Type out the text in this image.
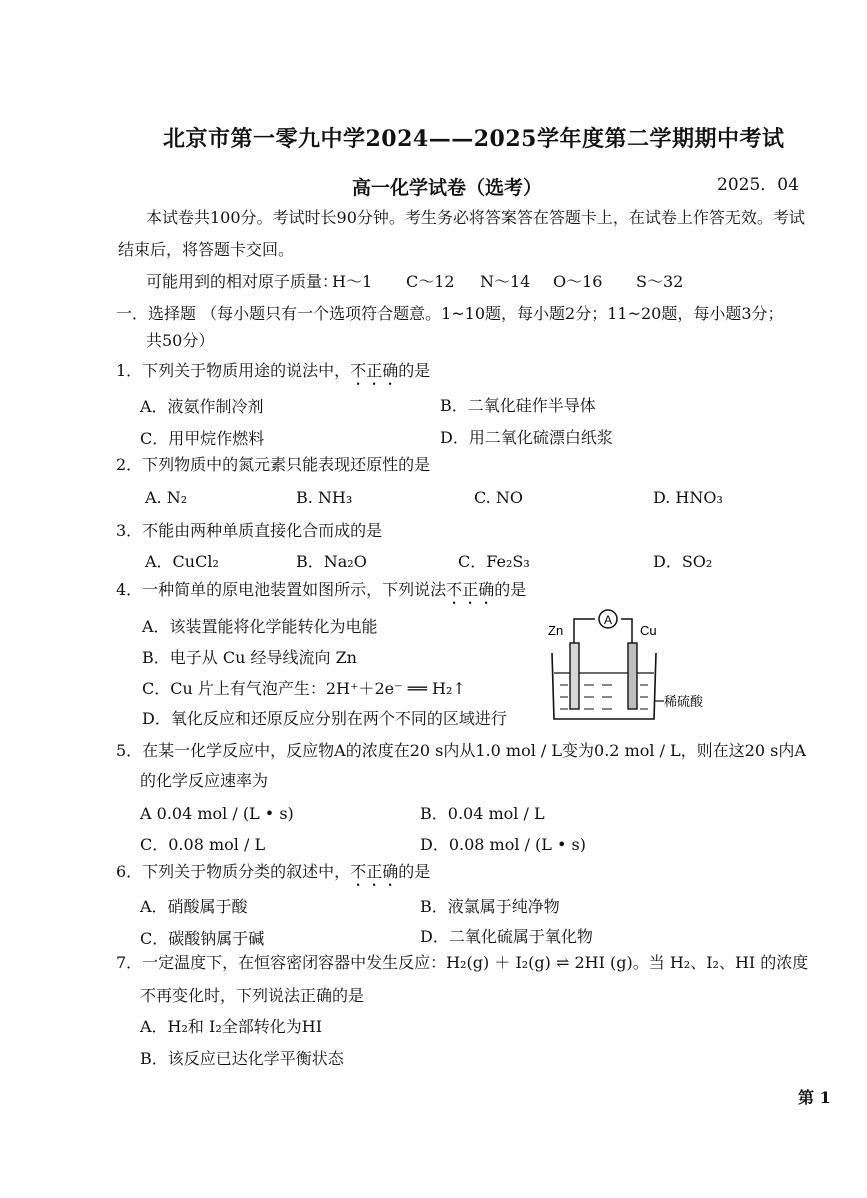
北京市第一零九中学2024——2025学年度第二学期期中考试
高一化学试卷（选考）	2025．04
本试卷共100分。考试时长90分钟。考生务必将答案答在答题卡上，在试卷上作答无效。考试
结束后，将答题卡交回。
可能用到的相对原子质量：
H～1 C～12 N～14 O～16 S～32
一．选择题 （每小题只有一个选项符合题意。1~10题，每小题2分；11~20题，每小题3分；
共50分）
1．下列关于物质用途的说法中，不正确的是
A．液氨作制冷剂	B．二氧化硅作半导体
C．用甲烷作燃料	D．用二氧化硫漂白纸浆
2．下列物质中的氮元素只能表现还原性的是
A. N₂	B. NH₃	C. NO	D. HNO₃
3．不能由两种单质直接化合而成的是
A．CuCl₂	B．Na₂O	C．Fe₂S₃	D．SO₂
4．一种简单的原电池装置如图所示，下列说法不正确的是
A．该装置能将化学能转化为电能
B．电子从 Cu 经导线流向 Zn
C．Cu 片上有气泡产生：2H⁺＋2e⁻ ══ H₂↑
D．氧化反应和还原反应分别在两个不同的区域进行
A
Zn	Cu
稀硫酸
5．在某一化学反应中，反应物A的浓度在20 s内从1.0 mol / L变为0.2 mol / L，则在这20 s内A
的化学反应速率为
A 0.04 mol / (L • s)	B．0.04 mol / L
C．0.08 mol / L	D．0.08 mol / (L • s)
6．下列关于物质分类的叙述中，不正确的是
A．硝酸属于酸	B．液氯属于纯净物
C．碳酸钠属于碱	D．二氧化硫属于氧化物
7．一定温度下，在恒容密闭容器中发生反应：H₂(g) ＋ I₂(g) ⇌ 2HI (g)。当 H₂、I₂、HI 的浓度
不再变化时，下列说法正确的是
A．H₂和 I₂全部转化为HI
B．该反应已达化学平衡状态
第 1
